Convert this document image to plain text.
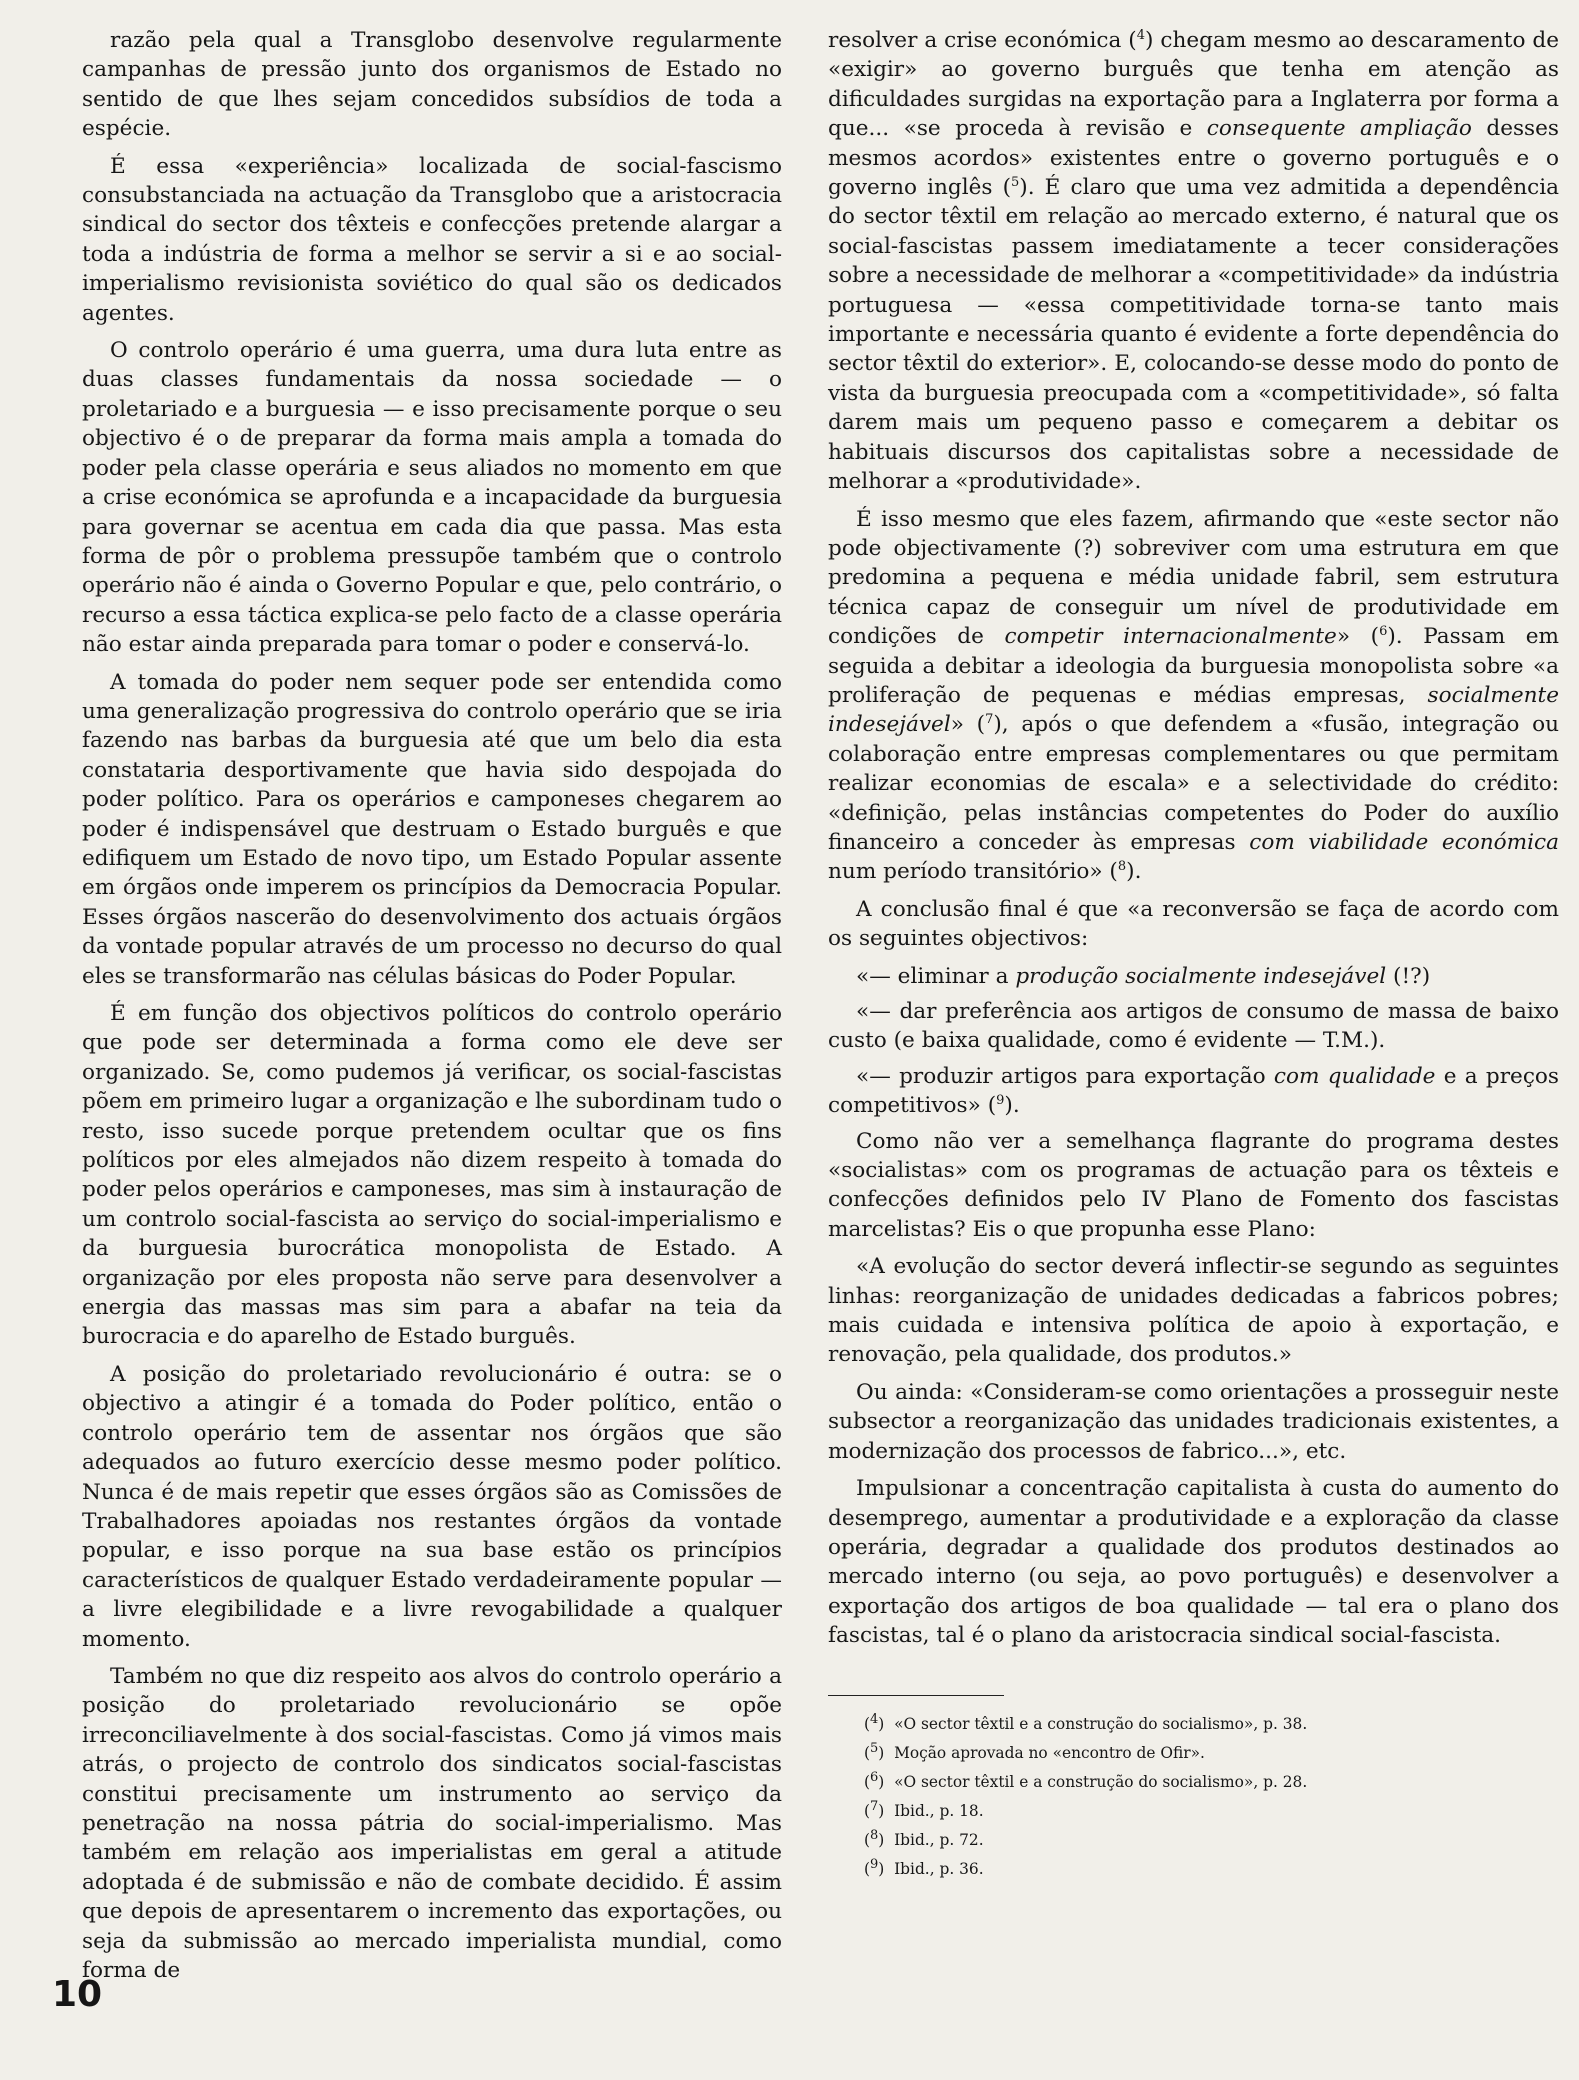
razão pela qual a Transglobo desenvolve regularmente campanhas de pressão junto dos organismos de Estado no sentido de que lhes sejam concedidos subsídios de toda a espécie.

É essa «experiência» localizada de social-fascismo consubstanciada na actuação da Transglobo que a aristocracia sindical do sector dos têxteis e confecções pretende alargar a toda a indústria de forma a melhor se servir a si e ao social-imperialismo revisionista soviético do qual são os dedicados agentes.

O controlo operário é uma guerra, uma dura luta entre as duas classes fundamentais da nossa sociedade — o proletariado e a burguesia — e isso precisamente porque o seu objectivo é o de preparar da forma mais ampla a tomada do poder pela classe operária e seus aliados no momento em que a crise económica se aprofunda e a incapacidade da burguesia para governar se acentua em cada dia que passa. Mas esta forma de pôr o problema pressupõe também que o controlo operário não é ainda o Governo Popular e que, pelo contrário, o recurso a essa táctica explica-se pelo facto de a classe operária não estar ainda preparada para tomar o poder e conservá-lo.

A tomada do poder nem sequer pode ser entendida como uma generalização progressiva do controlo operário que se iria fazendo nas barbas da burguesia até que um belo dia esta constataria desportivamente que havia sido despojada do poder político. Para os operários e camponeses chegarem ao poder é indispensável que destruam o Estado burguês e que edifiquem um Estado de novo tipo, um Estado Popular assente em órgãos onde imperem os princípios da Democracia Popular. Esses órgãos nascerão do desenvolvimento dos actuais órgãos da vontade popular através de um processo no decurso do qual eles se transformarão nas células básicas do Poder Popular.

É em função dos objectivos políticos do controlo operário que pode ser determinada a forma como ele deve ser organizado. Se, como pudemos já verificar, os social-fascistas põem em primeiro lugar a organização e lhe subordinam tudo o resto, isso sucede porque pretendem ocultar que os fins políticos por eles almejados não dizem respeito à tomada do poder pelos operários e camponeses, mas sim à instauração de um controlo social-fascista ao serviço do social-imperialismo e da burguesia burocrática monopolista de Estado. A organização por eles proposta não serve para desenvolver a energia das massas mas sim para a abafar na teia da burocracia e do aparelho de Estado burguês.

A posição do proletariado revolucionário é outra: se o objectivo a atingir é a tomada do Poder político, então o controlo operário tem de assentar nos órgãos que são adequados ao futuro exercício desse mesmo poder político. Nunca é de mais repetir que esses órgãos são as Comissões de Trabalhadores apoiadas nos restantes órgãos da vontade popular, e isso porque na sua base estão os princípios característicos de qualquer Estado verdadeiramente popular — a livre elegibilidade e a livre revogabilidade a qualquer momento.

Também no que diz respeito aos alvos do controlo operário a posição do proletariado revolucionário se opõe irreconciliavelmente à dos social-fascistas. Como já vimos mais atrás, o projecto de controlo dos sindicatos social-fascistas constitui precisamente um instrumento ao serviço da penetração na nossa pátria do social-imperialismo. Mas também em relação aos imperialistas em geral a atitude adoptada é de submissão e não de combate decidido. É assim que depois de apresentarem o incremento das exportações, ou seja da submissão ao mercado imperialista mundial, como forma de

resolver a crise económica ($^4$) chegam mesmo ao descaramento de «exigir» ao governo burguês que tenha em atenção as dificuldades surgidas na exportação para a Inglaterra por forma a que... «se proceda à revisão e consequente ampliação desses mesmos acordos» existentes entre o governo português e o governo inglês ($^5$). É claro que uma vez admitida a dependência do sector têxtil em relação ao mercado externo, é natural que os social-fascistas passem imediatamente a tecer considerações sobre a necessidade de melhorar a «competitividade» da indústria portuguesa — «essa competitividade torna-se tanto mais importante e necessária quanto é evidente a forte dependência do sector têxtil do exterior». E, colocando-se desse modo do ponto de vista da burguesia preocupada com a «competitividade», só falta darem mais um pequeno passo e começarem a debitar os habituais discursos dos capitalistas sobre a necessidade de melhorar a «produtividade».

É isso mesmo que eles fazem, afirmando que «este sector não pode objectivamente (?) sobreviver com uma estrutura em que predomina a pequena e média unidade fabril, sem estrutura técnica capaz de conseguir um nível de produtividade em condições de competir internacionalmente» ($^6$). Passam em seguida a debitar a ideologia da burguesia monopolista sobre «a proliferação de pequenas e médias empresas, socialmente indesejável» ($^7$), após o que defendem a «fusão, integração ou colaboração entre empresas complementares ou que permitam realizar economias de escala» e a selectividade do crédito: «definição, pelas instâncias competentes do Poder do auxílio financeiro a conceder às empresas com viabilidade económica num período transitório» ($^8$).

A conclusão final é que «a reconversão se faça de acordo com os seguintes objectivos:

«— eliminar a produção socialmente indesejável (!?)

«— dar preferência aos artigos de consumo de massa de baixo custo (e baixa qualidade, como é evidente — T.M.).

«— produzir artigos para exportação com qualidade e a preços competitivos» ($^9$).

Como não ver a semelhança flagrante do programa destes «socialistas» com os programas de actuação para os têxteis e confecções definidos pelo IV Plano de Fomento dos fascistas marcelistas? Eis o que propunha esse Plano:

«A evolução do sector deverá inflectir-se segundo as seguintes linhas: reorganização de unidades dedicadas a fabricos pobres; mais cuidada e intensiva política de apoio à exportação, e renovação, pela qualidade, dos produtos.»

Ou ainda: «Consideram-se como orientações a prosseguir neste subsector a reorganização das unidades tradicionais existentes, a modernização dos processos de fabrico...», etc.

Impulsionar a concentração capitalista à custa do aumento do desemprego, aumentar a produtividade e a exploração da classe operária, degradar a qualidade dos produtos destinados ao mercado interno (ou seja, ao povo português) e desenvolver a exportação dos artigos de boa qualidade — tal era o plano dos fascistas, tal é o plano da aristocracia sindical social-fascista.

($^4$)  «O sector têxtil e a construção do socialismo», p. 38.
($^5$)  Moção aprovada no «encontro de Ofir».
($^6$)  «O sector têxtil e a construção do socialismo», p. 28.
($^7$)  Ibid., p. 18.
($^8$)  Ibid., p. 72.
($^9$)  Ibid., p. 36.
10
